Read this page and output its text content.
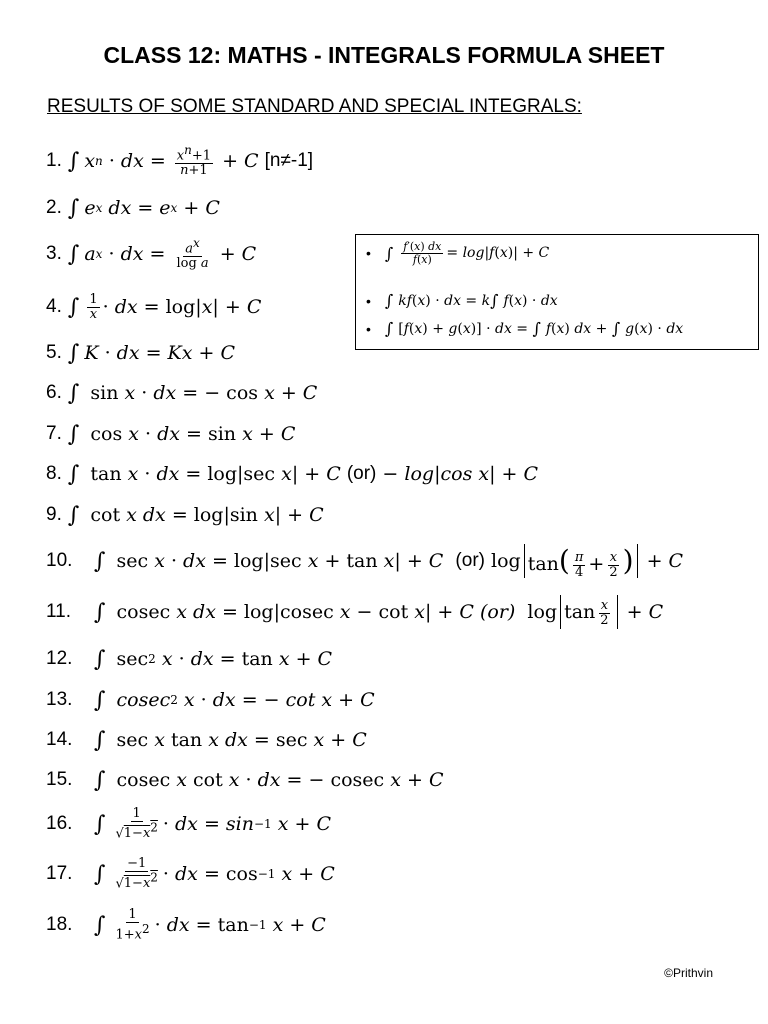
CLASS 12: MATHS - INTEGRALS FORMULA SHEET
RESULTS OF SOME STANDARD AND SPECIAL INTEGRALS:
1. ∫ x n · dx = $\frac{x^n+1}{n+1} + C$
[n≠-1]
2. ∫ e x
dx = e x + C
3. ∫ a x · dx = $\frac{a^x}{\text{log a}} + C$
4. ∫ $\frac{1}{x}$ · dx = log| x | + C
5. ∫ K · dx = Kx + C
6. ∫ sin x · dx = − cos x + C
7. ∫ cos x · dx = sin x + C
8. ∫ tan x · dx = log|sec x | + C
(or) − log | cos
x | + C
9. ∫ cot x
dx = log|sin x | + C
10. ∫ sec x · dx = log|sec x + tan x | + C
(or) $\log \tan( \frac{\pi}{4} + \frac{x}{2}$ ) + C
11.	∫ cosec x
dx = log|cosec x − cot x | + C
(or) $\log \tan \frac{x}{2} + C$
12. ∫ sec 2
x · dx = tan x + C
13. ∫
cosec 2
x · dx = − cot
x + C
14. ∫ sec x tan x
dx = sec x + C
15. ∫ cosec x cot x · dx = − cosec x + C
16. ∫ $\frac{1}{√1-x^2}$ · dx = sin −1
x + C
17. ∫ $\frac{-1}{√1-x^2}$ · dx = cos −1
x + C
18. ∫ $\frac{1}{1+x^2}$ · dx = tan −1
x + C
• ∫ $\frac{f'(x) dx}{f(x)} = \log$ | f ( x )| + C
• ∫ kf ( x ) · dx = k ∫ f ( x ) · dx
• ∫ [ f ( x ) + g ( x )] · dx = ∫ f ( x ) dx + ∫ g ( x ) · dx
©Prithvin
